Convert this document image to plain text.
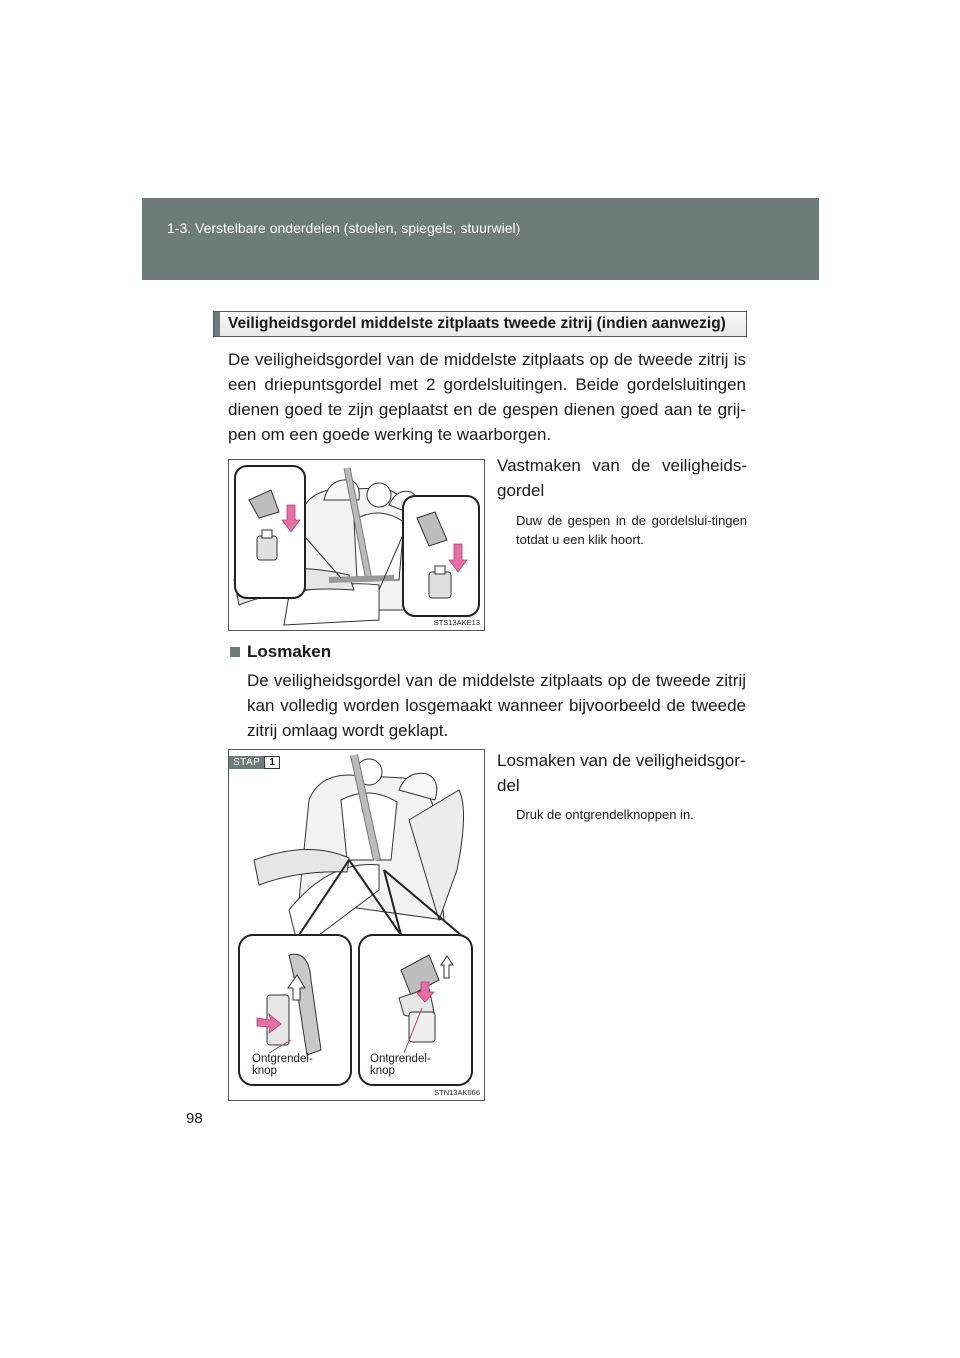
1-3. Verstelbare onderdelen (stoelen, spiegels, stuurwiel)
Veiligheidsgordel middelste zitplaats tweede zitrij (indien aanwezig)
De veiligheidsgordel van de middelste zitplaats op de tweede zitrij is een driepuntsgordel met 2 gordelsluitingen. Beide gordelsluitingen dienen goed te zijn geplaatst en de gespen dienen goed aan te grij-pen om een goede werking te waarborgen.
STS13AKE13
Vastmaken van de veiligheids-gordel
Duw de gespen in de gordelslui-tingen totdat u een klik hoort.
Losmaken
De veiligheidsgordel van de middelste zitplaats op de tweede zitrij kan volledig worden losgemaakt wanneer bijvoorbeeld de tweede zitrij omlaag wordt geklapt.
STAP 1
Ontgrendel-
knop
Ontgrendel-
knop
STN13AK066
Losmaken van de veiligheidsgor-del
Druk de ontgrendelknoppen in.
98
